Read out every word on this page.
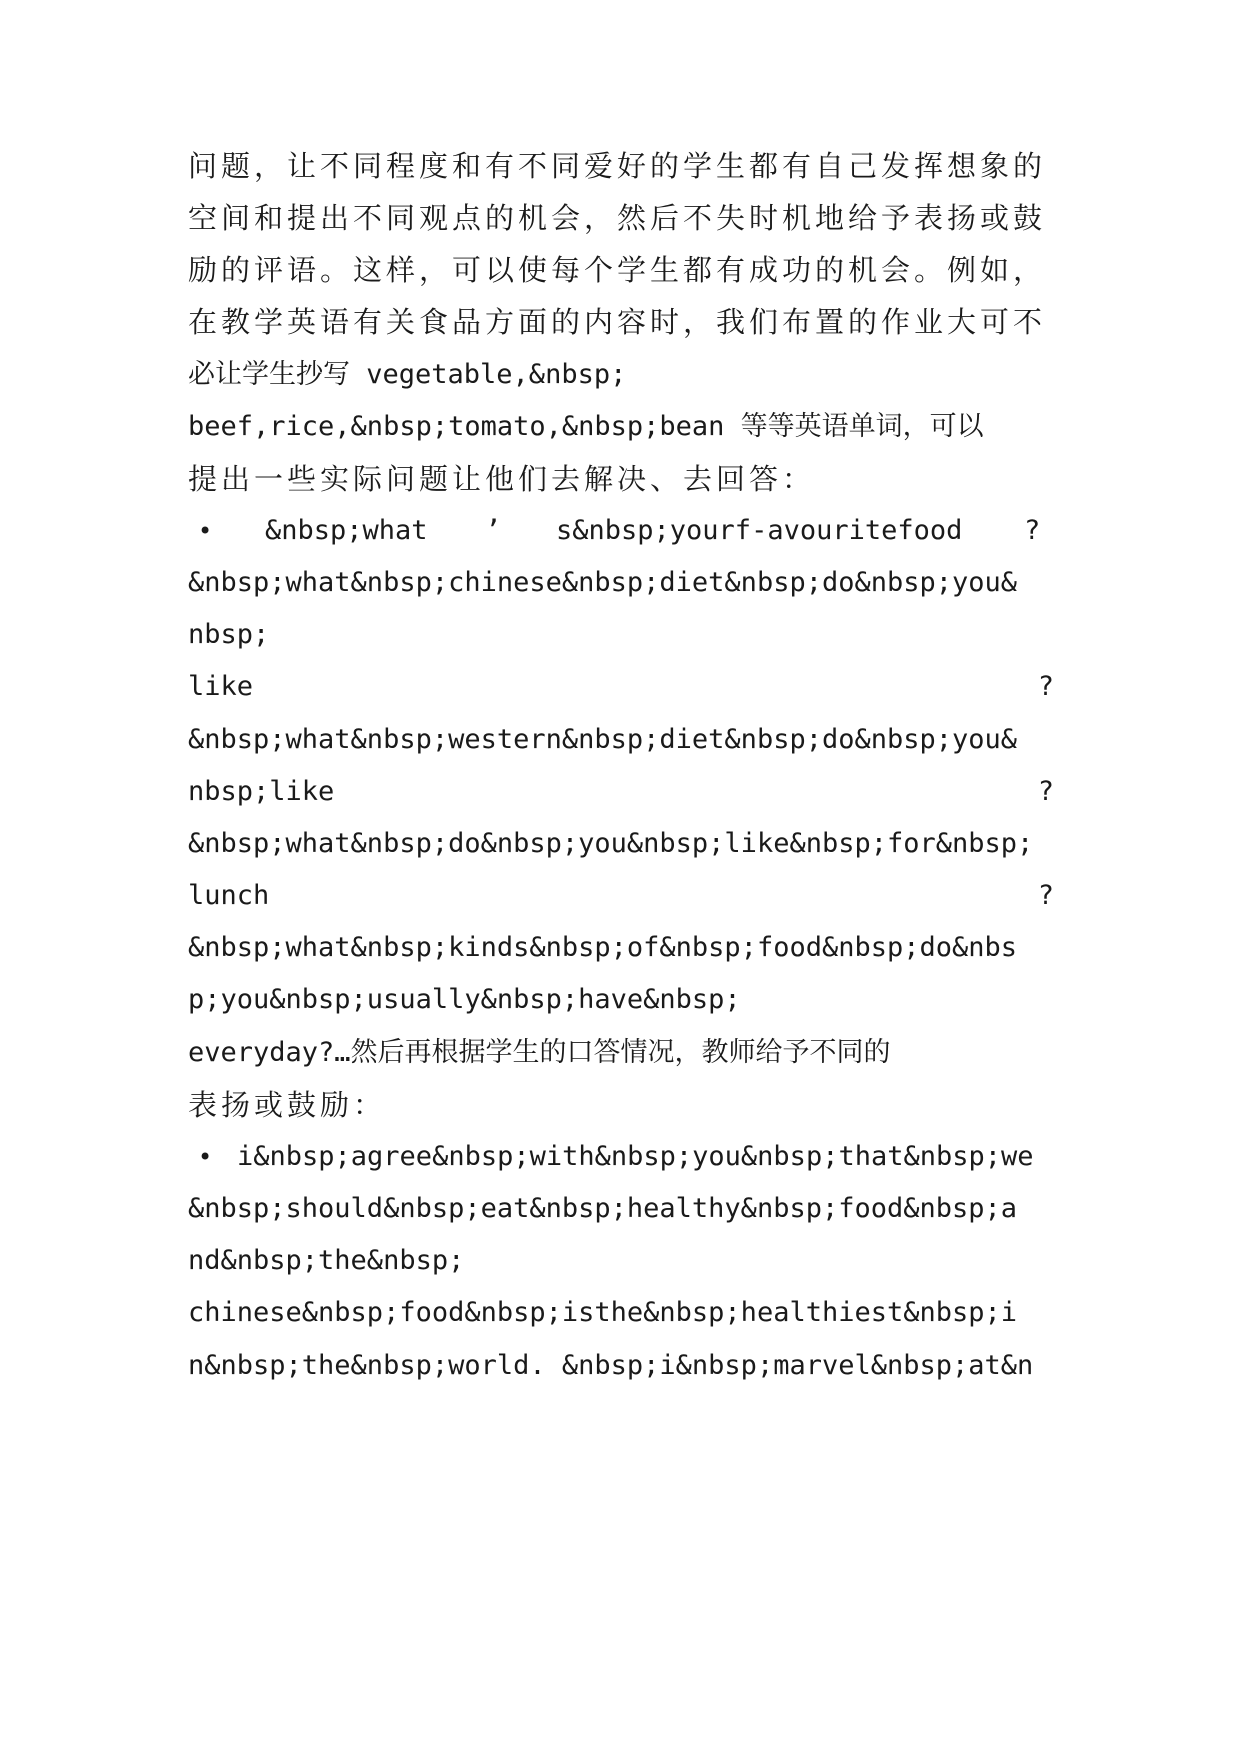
问题，让不同程度和有不同爱好的学生都有自己发挥想象的
空间和提出不同观点的机会，然后不失时机地给予表扬或鼓
励的评语。这样，可以使每个学生都有成功的机会。例如，
在教学英语有关食品方面的内容时，我们布置的作业大可不
必让学生抄写 vegetable,&nbsp;
beef,rice,&nbsp;tomato,&nbsp;bean 等等英语单词，可以
提出一些实际问题让他们去解决、去回答：
• &nbsp;what ’ s&nbsp;yourf-avouritefood ?
&nbsp;what&nbsp;chinese&nbsp;diet&nbsp;do&nbsp;you&
nbsp;
like	?
&nbsp;what&nbsp;western&nbsp;diet&nbsp;do&nbsp;you&
nbsp;like	?
&nbsp;what&nbsp;do&nbsp;you&nbsp;like&nbsp;for&nbsp;
lunch	?
&nbsp;what&nbsp;kinds&nbsp;of&nbsp;food&nbsp;do&nbs
p;you&nbsp;usually&nbsp;have&nbsp;
everyday?…然后再根据学生的口答情况，教师给予不同的
表扬或鼓励：
• i&nbsp;agree&nbsp;with&nbsp;you&nbsp;that&nbsp;we
&nbsp;should&nbsp;eat&nbsp;healthy&nbsp;food&nbsp;a
nd&nbsp;the&nbsp;
chinese&nbsp;food&nbsp;isthe&nbsp;healthiest&nbsp;i
n&nbsp;the&nbsp;world. &nbsp;i&nbsp;marvel&nbsp;at&n
